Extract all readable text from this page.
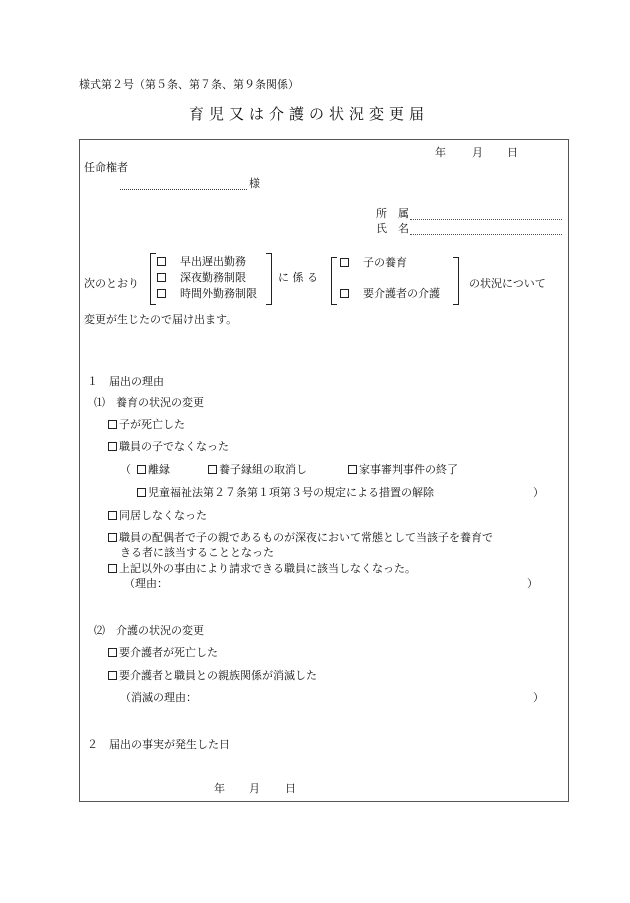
様式第２号（第５条、第７条、第９条関係）
育児又は介護の状況変更届
年 月 日
任命権者
様
所　属
氏　名
次のとおり
早出遅出勤務
深夜勤務制限
時間外勤務制限
に 係 る
子の養育
要介護者の介護
の状況について
変更が生じたので届け出ます。
１　届出の理由
⑴　養育の状況の変更
子が死亡した
職員の子でなくなった
（	離縁	養子縁組の取消し	家事審判事件の終了
児童福祉法第２７条第１項第３号の規定による措置の解除	）
同居しなくなった
職員の配偶者で子の親であるものが深夜において常態として当該子を養育で
きる者に該当することとなった
上記以外の事由により請求できる職員に該当しなくなった。
（理由：	）
⑵　介護の状況の変更
要介護者が死亡した
要介護者と職員との親族関係が消滅した
（消滅の理由：	）
２　届出の事実が発生した日
年 月 日
